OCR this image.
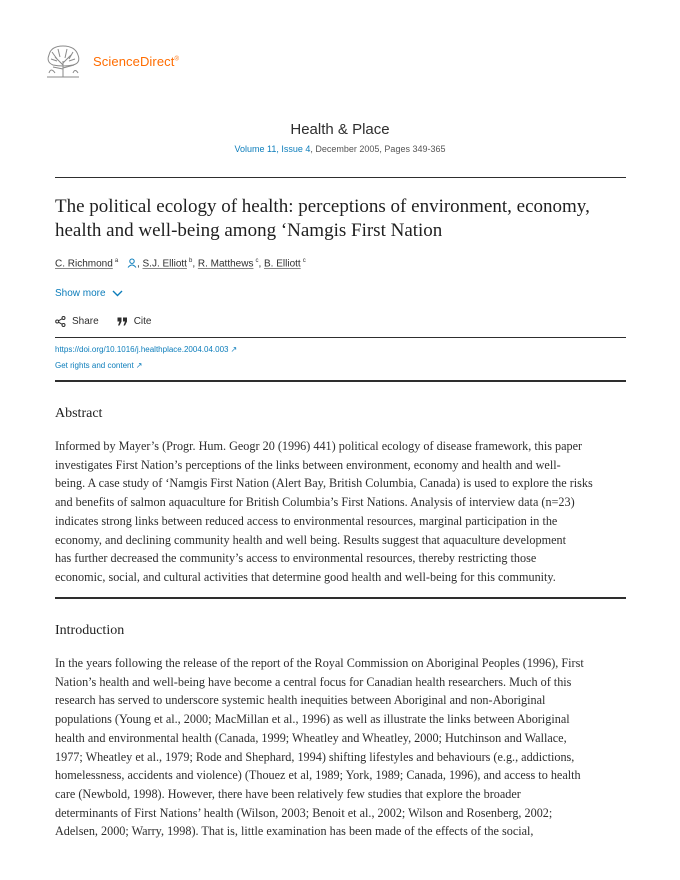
ScienceDirect®
Health & Place
Volume 11, Issue 4, December 2005, Pages 349-365
The political ecology of health: perceptions of environment, economy,
health and well-being among ‘Namgis First Nation
C. Richmond $^a$ , S.J. Elliott $^b$, R. Matthews $^c$, B. Elliott $^c$
Show more
Share	Cite
https://doi.org/10.1016/j.healthplace.2004.04.003 ↗
Get rights and content ↗
Abstract
Informed by Mayer’s (Progr. Hum. Geogr 20 (1996) 441) political ecology of disease framework, this paper
investigates First Nation’s perceptions of the links between environment, economy and health and well-
being. A case study of ‘Namgis First Nation (Alert Bay, British Columbia, Canada) is used to explore the risks
and benefits of salmon aquaculture for British Columbia’s First Nations. Analysis of interview data (n=23)
indicates strong links between reduced access to environmental resources, marginal participation in the
economy, and declining community health and well being. Results suggest that aquaculture development
has further decreased the community’s access to environmental resources, thereby restricting those
economic, social, and cultural activities that determine good health and well-being for this community.
Introduction
In the years following the release of the report of the Royal Commission on Aboriginal Peoples (1996), First
Nation’s health and well-being have become a central focus for Canadian health researchers. Much of this
research has served to underscore systemic health inequities between Aboriginal and non-Aboriginal
populations (Young et al., 2000; MacMillan et al., 1996) as well as illustrate the links between Aboriginal
health and environmental health (Canada, 1999; Wheatley and Wheatley, 2000; Hutchinson and Wallace,
1977; Wheatley et al., 1979; Rode and Shephard, 1994) shifting lifestyles and behaviours (e.g., addictions,
homelessness, accidents and violence) (Thouez et al, 1989; York, 1989; Canada, 1996), and access to health
care (Newbold, 1998). However, there have been relatively few studies that explore the broader
determinants of First Nations’ health (Wilson, 2003; Benoit et al., 2002; Wilson and Rosenberg, 2002;
Adelsen, 2000; Warry, 1998). That is, little examination has been made of the effects of the social,
